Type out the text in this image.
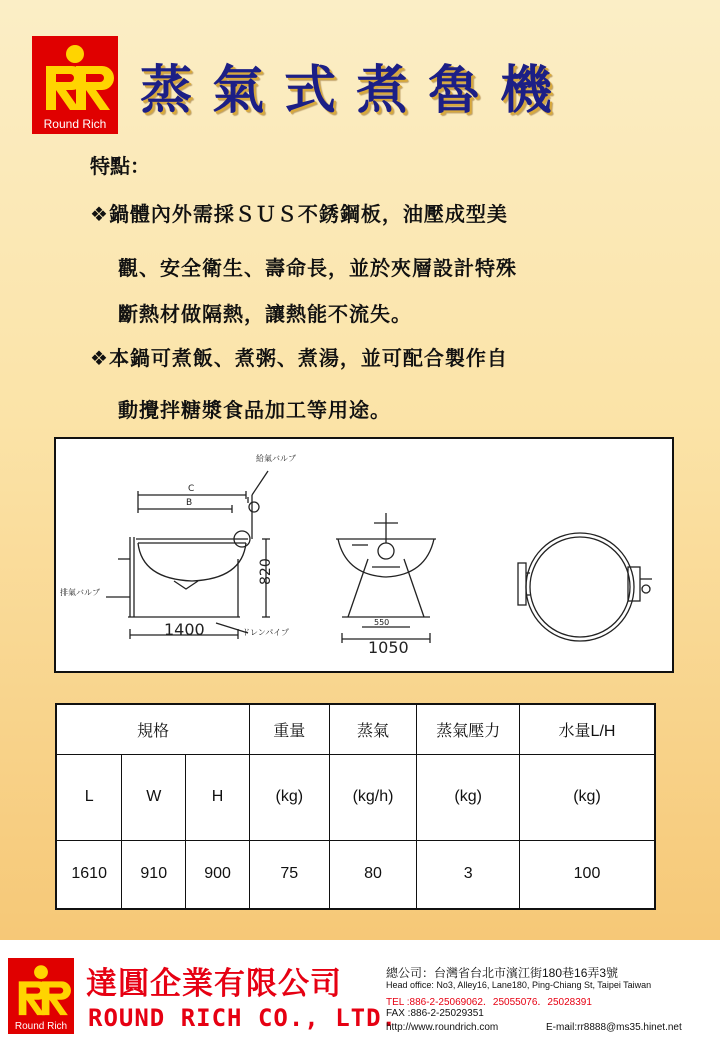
Round Rich
蒸氣式煮魯機
特點：
❖鍋體內外需採ＳＵＳ不銹鋼板，油壓成型美
觀、安全衛生、壽命長，並於夾層設計特殊
斷熱材做隔熱，讓熱能不流失。
❖本鍋可煮飯、煮粥、煮湯，並可配合製作自
動攪拌糖漿食品加工等用途。
給氣バルブ
排氣バルブ
ドレンパイプ
C
B
820
1400	550
1050
規格			重量	蒸氣	蒸氣壓力	水量L/H
L	W	H	(kg)	(kg/h)	(kg)	(kg)
1610	910	900	75	80	3	100
Round Rich
達圓企業有限公司
ROUND RICH CO., LTD.
總公司：台灣省台北市濱江街180巷16弄3號
Head office: No3, Alley16, Lane180, Ping-Chiang St, Taipei Taiwan
TEL :886-2-25069062．25055076．25028391
FAX :886-2-25029351
http://www.roundrich.com	E-mail:rr8888@ms35.hinet.net
